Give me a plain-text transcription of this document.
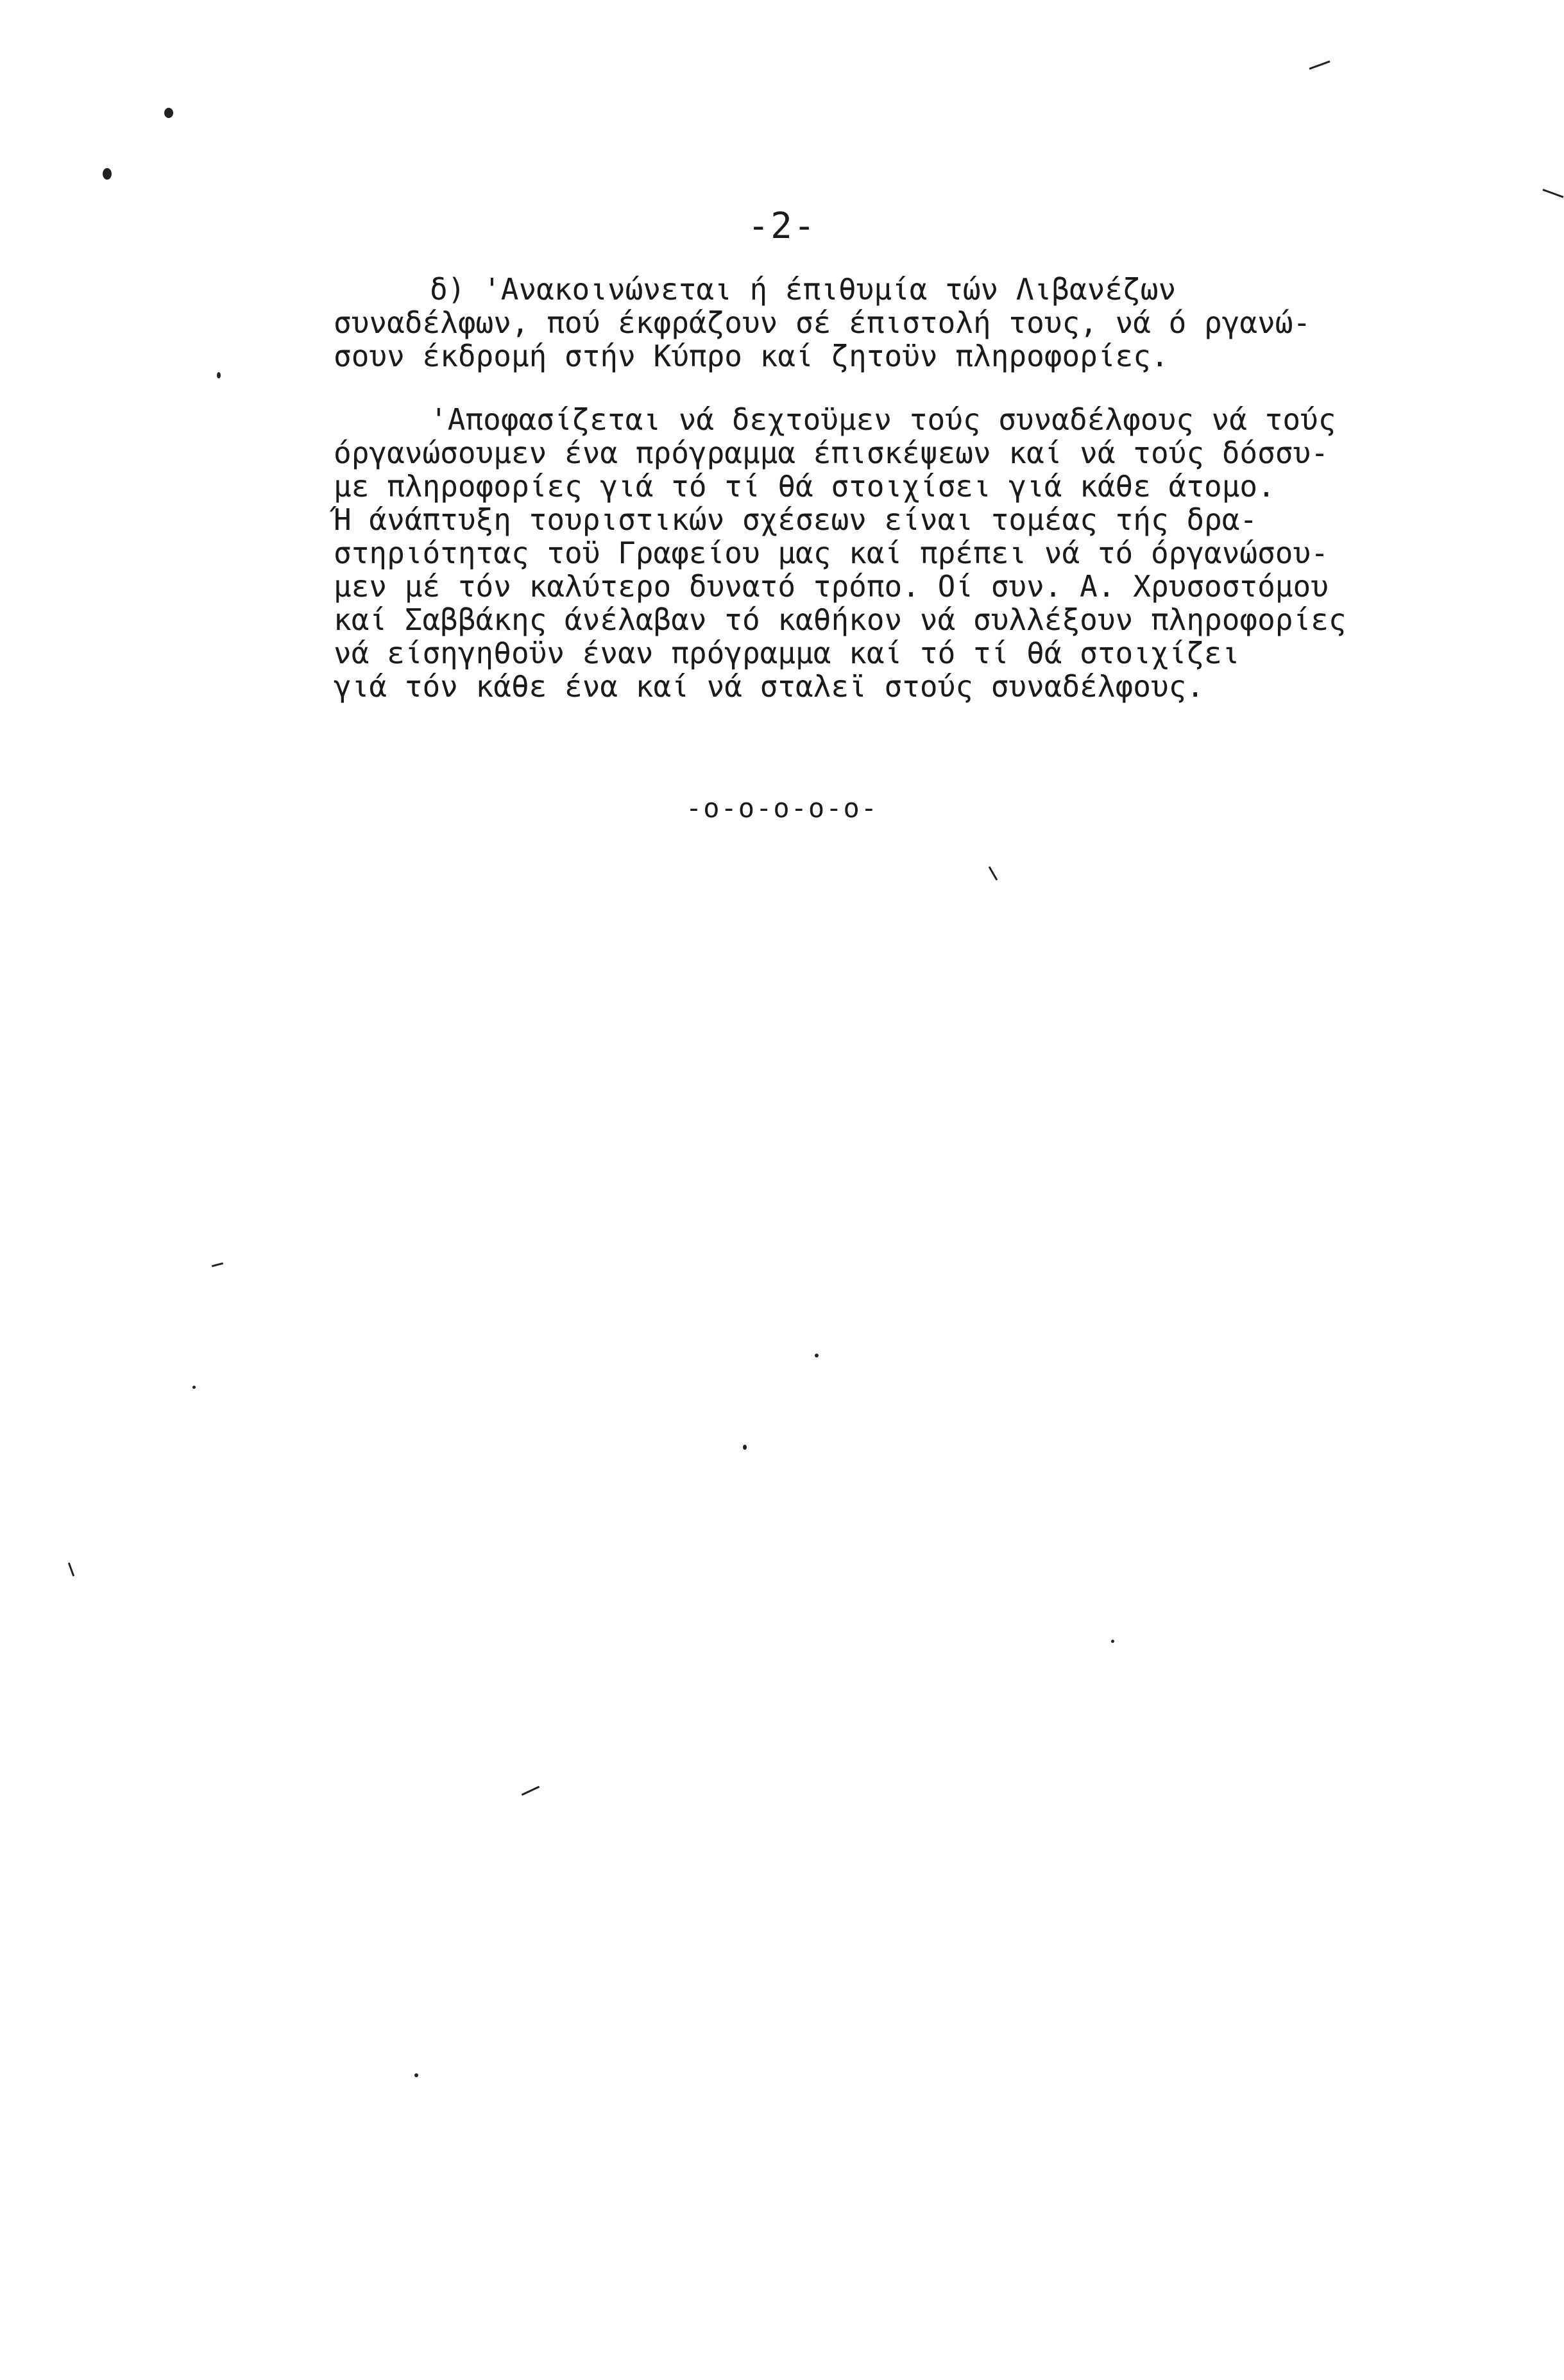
-2-

δ) 'Ανακοινώνεται ή έπιθυμία τών Λιβανέζων
συναδέλφων, πού έκφράζουν σέ έπιστολή τους, νά ό ργανώ-
σουν έκδρομή στήν Κύπρο καί ζητοϋν πληροφορίες.

'Αποφασίζεται νά δεχτοϋμεν τούς συναδέλφους νά τούς
όργανώσουμεν ένα πρόγραμμα έπισκέψεων καί νά τούς δόσσυ-
με πληροφορίες γιά τό τί θά στοιχίσει γιά κάθε άτομο.
Ή άνάπτυξη τουριστικών σχέσεων είναι τομέας τής δρα-
στηριότητας τοϋ Γραφείου μας καί πρέπει νά τό όργανώσου-
μεν μέ τόν καλύτερο δυνατό τρόπο. Οί συν. Α. Χρυσοστόμου
καί Σαββάκης άνέλαβαν τό καθήκον νά συλλέξουν πληροφορίες
νά είσηγηθοϋν έναν πρόγραμμα καί τό τί θά στοιχίζει
γιά τόν κάθε ένα καί νά σταλεϊ στούς συναδέλφους.

-o-o-o-o-o-
